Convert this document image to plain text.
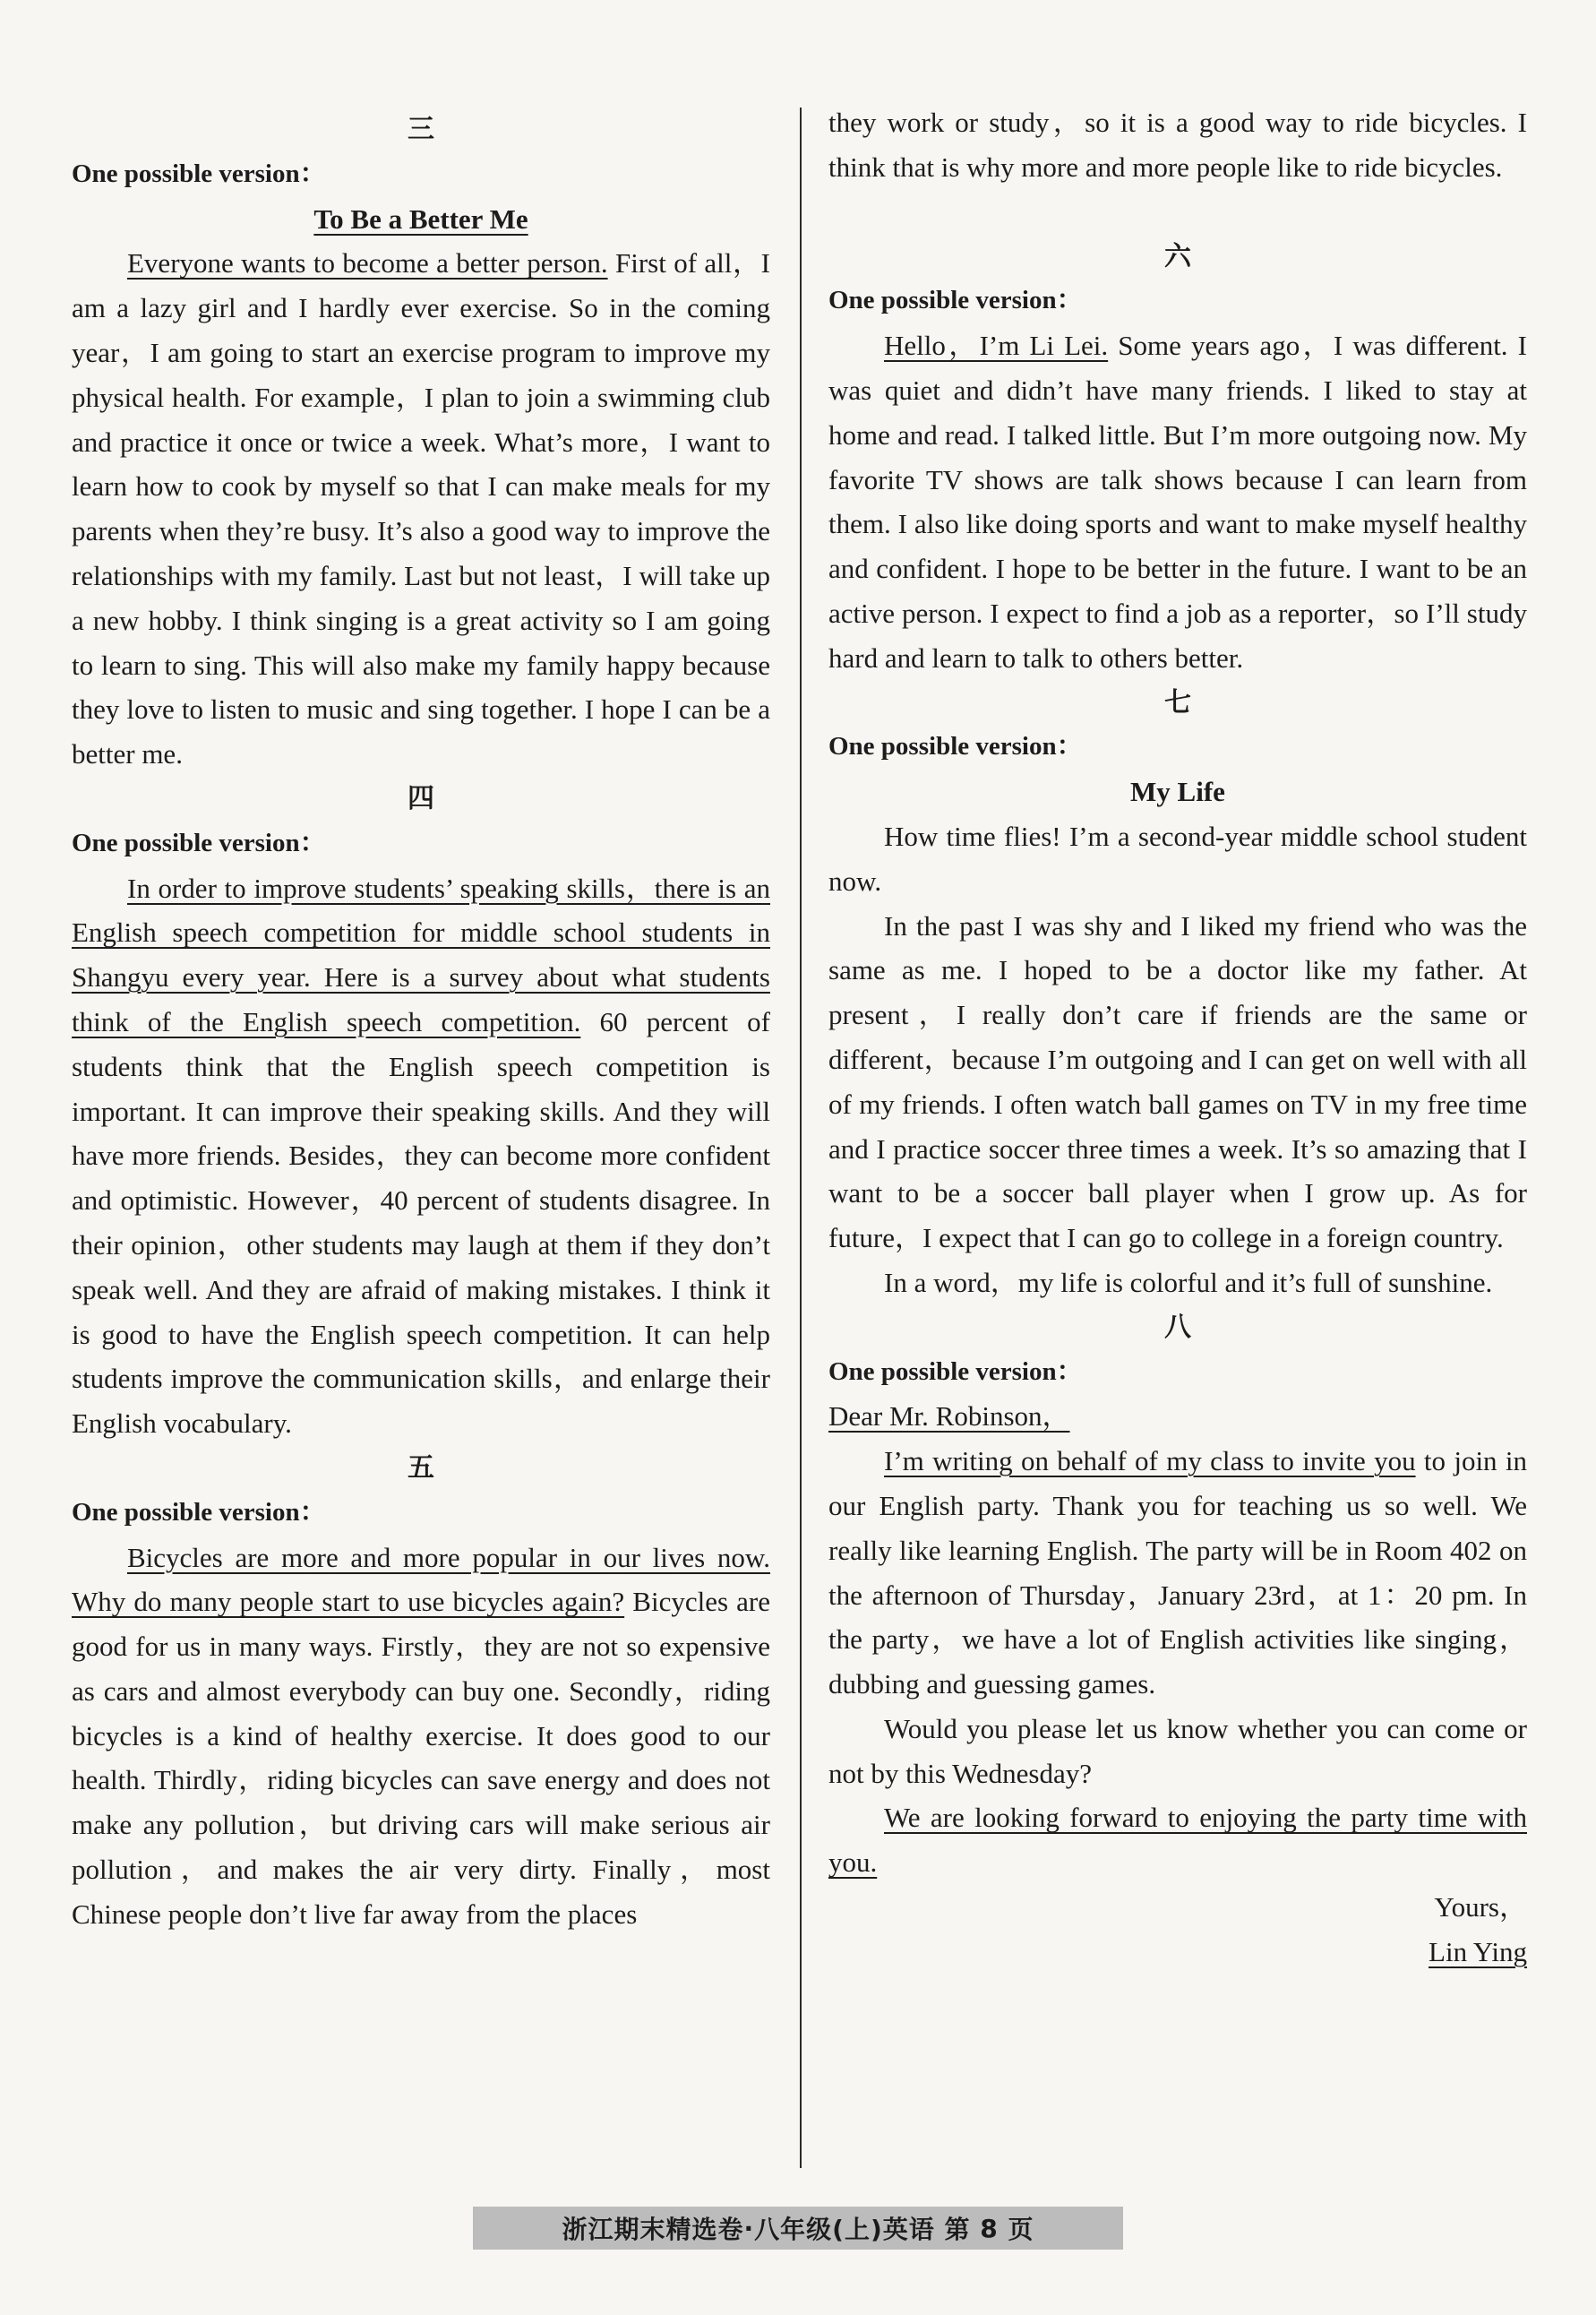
三

One possible version：

To Be a Better Me

Everyone wants to become a better person. First of all，I am a lazy girl and I hardly ever exercise. So in the coming year，I am going to start an exercise program to improve my physical health. For example，I plan to join a swimming club and practice it once or twice a week. What’s more，I want to learn how to cook by myself so that I can make meals for my parents when they’re busy. It’s also a good way to improve the relationships with my family. Last but not least，I will take up a new hobby. I think singing is a great activity so I am going to learn to sing. This will also make my family happy because they love to listen to music and sing together. I hope I can be a better me.

四

One possible version：

In order to improve students’ speaking skills，there is an English speech competition for middle school students in Shangyu every year. Here is a survey about what students think of the English speech competition. 60 percent of students think that the English speech competition is important. It can improve their speaking skills. And they will have more friends. Besides，they can become more confident and optimistic. However，40 percent of students disagree. In their opinion，other students may laugh at them if they don’t speak well. And they are afraid of making mistakes. I think it is good to have the English speech competition. It can help students improve the communication skills，and enlarge their English vocabulary.

五

One possible version：

Bicycles are more and more popular in our lives now. Why do many people start to use bicycles again? Bicycles are good for us in many ways. Firstly，they are not so expensive as cars and almost everybody can buy one. Secondly，riding bicycles is a kind of healthy exercise. It does good to our health. Thirdly，riding bicycles can save energy and does not make any pollution，but driving cars will make serious air pollution，and makes the air very dirty. Finally，most Chinese people don’t live far away from the places

they work or study，so it is a good way to ride bicycles. I think that is why more and more people like to ride bicycles.

六

One possible version：

Hello，I’m Li Lei. Some years ago，I was different. I was quiet and didn’t have many friends. I liked to stay at home and read. I talked little. But I’m more outgoing now. My favorite TV shows are talk shows because I can learn from them. I also like doing sports and want to make myself healthy and confident. I hope to be better in the future. I want to be an active person. I expect to find a job as a reporter，so I’ll study hard and learn to talk to others better.

七

One possible version：

My Life

How time flies! I’m a second-year middle school student now.

In the past I was shy and I liked my friend who was the same as me. I hoped to be a doctor like my father. At present，I really don’t care if friends are the same or different，because I’m outgoing and I can get on well with all of my friends. I often watch ball games on TV in my free time and I practice soccer three times a week. It’s so amazing that I want to be a soccer ball player when I grow up. As for future，I expect that I can go to college in a foreign country.

In a word，my life is colorful and it’s full of sunshine.

八

One possible version：

Dear Mr. Robinson，

I’m writing on behalf of my class to invite you to join in our English party. Thank you for teaching us so well. We really like learning English. The party will be in Room 402 on the afternoon of Thursday，January 23rd，at 1：20 pm. In the party，we have a lot of English activities like singing，dubbing and guessing games.

Would you please let us know whether you can come or not by this Wednesday?

We are looking forward to enjoying the party time with you.

Yours，

Lin Ying

浙江期末精选卷 · 八年级(上)英语
第
8
页
